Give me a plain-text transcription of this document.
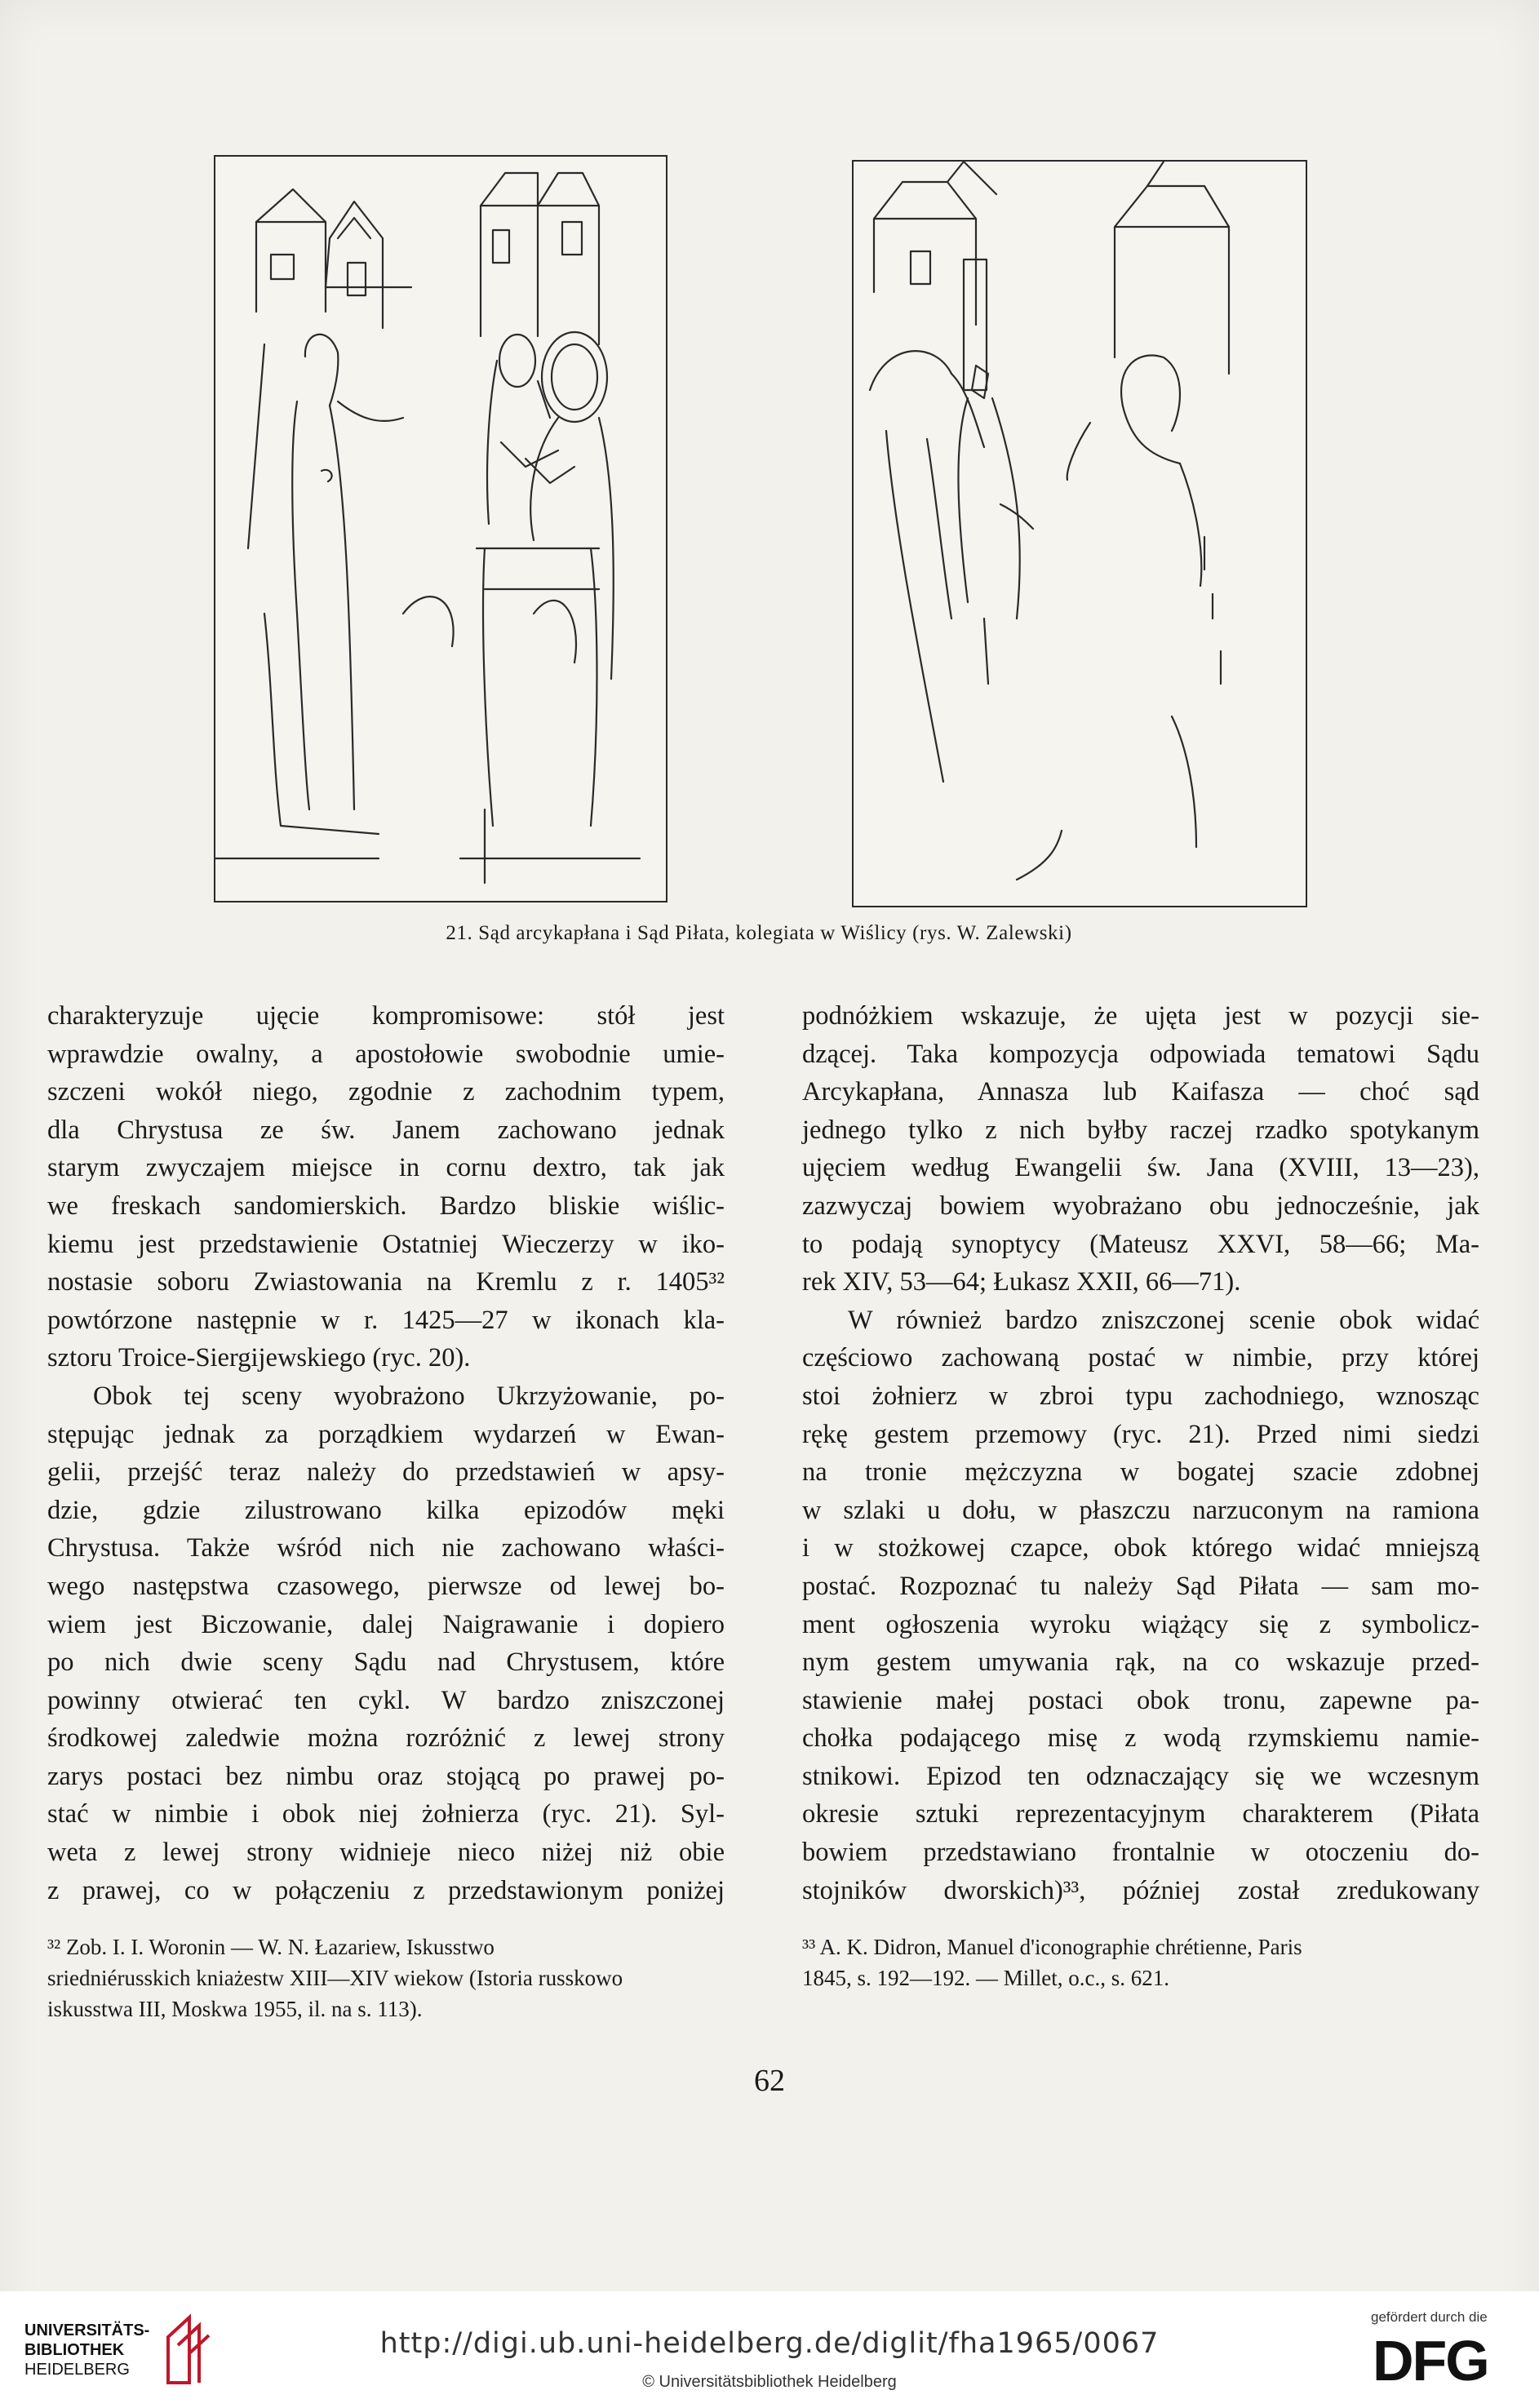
21. Sąd arcykapłana i Sąd Piłata, kolegiata w Wiślicy (rys. W. Zalewski)
charakteryzuje ujęcie kompromisowe: stół jest
wprawdzie owalny, a apostołowie swobodnie umie-
szczeni wokół niego, zgodnie z zachodnim typem,
dla Chrystusa ze św. Janem zachowano jednak
starym zwyczajem miejsce in cornu dextro, tak jak
we freskach sandomierskich. Bardzo bliskie wiślic-
kiemu jest przedstawienie Ostatniej Wieczerzy w iko-
nostasie soboru Zwiastowania na Kremlu z r. 1405³²
powtórzone następnie w r. 1425—27 w ikonach kla-
sztoru Troice-Siergijewskiego (ryc. 20).
Obok tej sceny wyobrażono Ukrzyżowanie, po-
stępując jednak za porządkiem wydarzeń w Ewan-
gelii, przejść teraz należy do przedstawień w apsy-
dzie, gdzie zilustrowano kilka epizodów męki
Chrystusa. Także wśród nich nie zachowano właści-
wego następstwa czasowego, pierwsze od lewej bo-
wiem jest Biczowanie, dalej Naigrawanie i dopiero
po nich dwie sceny Sądu nad Chrystusem, które
powinny otwierać ten cykl. W bardzo zniszczonej
środkowej zaledwie można rozróżnić z lewej strony
zarys postaci bez nimbu oraz stojącą po prawej po-
stać w nimbie i obok niej żołnierza (ryc. 21). Syl-
weta z lewej strony widnieje nieco niżej niż obie
z prawej, co w połączeniu z przedstawionym poniżej
podnóżkiem wskazuje, że ujęta jest w pozycji sie-
dzącej. Taka kompozycja odpowiada tematowi Sądu
Arcykapłana, Annasza lub Kaifasza — choć sąd
jednego tylko z nich byłby raczej rzadko spotykanym
ujęciem według Ewangelii św. Jana (XVIII, 13—23),
zazwyczaj bowiem wyobrażano obu jednocześnie, jak
to podają synoptycy (Mateusz XXVI, 58—66; Ma-
rek XIV, 53—64; Łukasz XXII, 66—71).
W również bardzo zniszczonej scenie obok widać
częściowo zachowaną postać w nimbie, przy której
stoi żołnierz w zbroi typu zachodniego, wznosząc
rękę gestem przemowy (ryc. 21). Przed nimi siedzi
na tronie mężczyzna w bogatej szacie zdobnej
w szlaki u dołu, w płaszczu narzuconym na ramiona
i w stożkowej czapce, obok którego widać mniejszą
postać. Rozpoznać tu należy Sąd Piłata — sam mo-
ment ogłoszenia wyroku wiążący się z symbolicz-
nym gestem umywania rąk, na co wskazuje przed-
stawienie małej postaci obok tronu, zapewne pa-
chołka podającego misę z wodą rzymskiemu namie-
stnikowi. Epizod ten odznaczający się we wczesnym
okresie sztuki reprezentacyjnym charakterem (Piłata
bowiem przedstawiano frontalnie w otoczeniu do-
stojników dworskich)³³, później został zredukowany
³² Zob. I. I. Woronin — W. N. Łazariew, Iskusstwo
sriedniérusskich kniażestw XIII—XIV wiekow (Istoria russkowo
iskusstwa III, Moskwa 1955, il. na s. 113).
³³ A. K. Didron, Manuel d'iconographie chrétienne, Paris
1845, s. 192—192. — Millet, o.c., s. 621.
62
UNIVERSITÄTS-
BIBLIOTHEK
HEIDELBERG
http://digi.ub.uni-heidelberg.de/diglit/fha1965/0067
© Universitätsbibliothek Heidelberg
gefördert durch die
DFG
